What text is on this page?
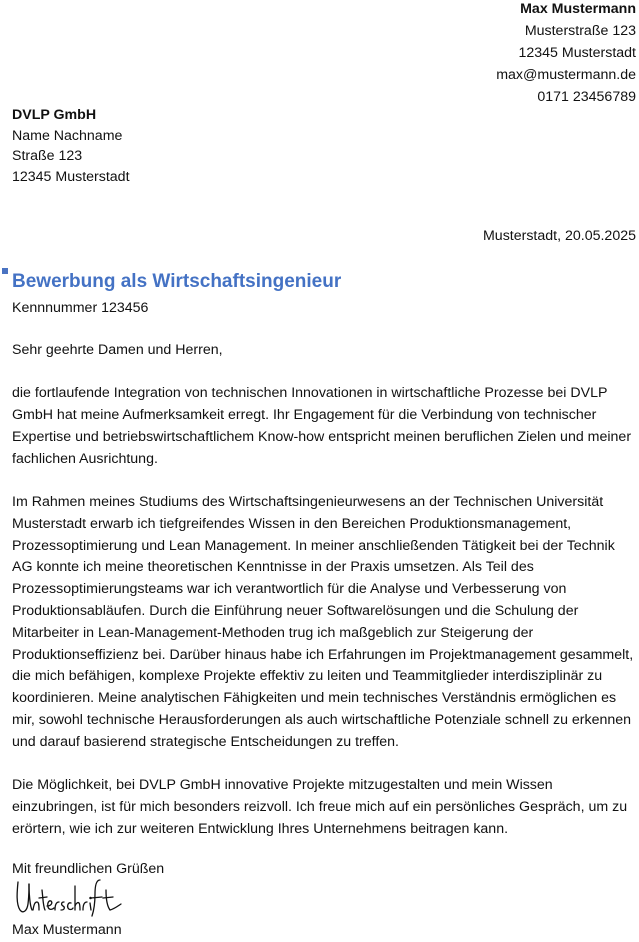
Max Mustermann
Musterstraße 123
12345 Musterstadt
max@mustermann.de
0171 23456789
DVLP GmbH
Name Nachname
Straße 123
12345 Musterstadt
Musterstadt, 20.05.2025
Bewerbung als Wirtschaftsingenieur
Kennnummer 123456

Sehr geehrte Damen und Herren,

die fortlaufende Integration von technischen Innovationen in wirtschaftliche Prozesse bei DVLP GmbH hat meine Aufmerksamkeit erregt. Ihr Engagement für die Verbindung von technischer Expertise und betriebswirtschaftlichem Know-how entspricht meinen beruflichen Zielen und meiner fachlichen Ausrichtung.

Im Rahmen meines Studiums des Wirtschaftsingenieurwesens an der Technischen Universität Musterstadt erwarb ich tiefgreifendes Wissen in den Bereichen Produktionsmanagement, Prozessoptimierung und Lean Management. In meiner anschließenden Tätigkeit bei der Technik AG konnte ich meine theoretischen Kenntnisse in der Praxis umsetzen. Als Teil des Prozessoptimierungsteams war ich verantwortlich für die Analyse und Verbesserung von Produktionsabläufen. Durch die Einführung neuer Softwarelösungen und die Schulung der Mitarbeiter in Lean-Management-Methoden trug ich maßgeblich zur Steigerung der Produktionseffizienz bei. Darüber hinaus habe ich Erfahrungen im Projektmanagement gesammelt, die mich befähigen, komplexe Projekte effektiv zu leiten und Teammitglieder interdisziplinär zu koordinieren. Meine analytischen Fähigkeiten und mein technisches Verständnis ermöglichen es mir, sowohl technische Herausforderungen als auch wirtschaftliche Potenziale schnell zu erkennen und darauf basierend strategische Entscheidungen zu treffen.

Die Möglichkeit, bei DVLP GmbH innovative Projekte mitzugestalten und mein Wissen einzubringen, ist für mich besonders reizvoll. Ich freue mich auf ein persönliches Gespräch, um zu erörtern, wie ich zur weiteren Entwicklung Ihres Unternehmens beitragen kann.

Mit freundlichen Grüßen
Max Mustermann
